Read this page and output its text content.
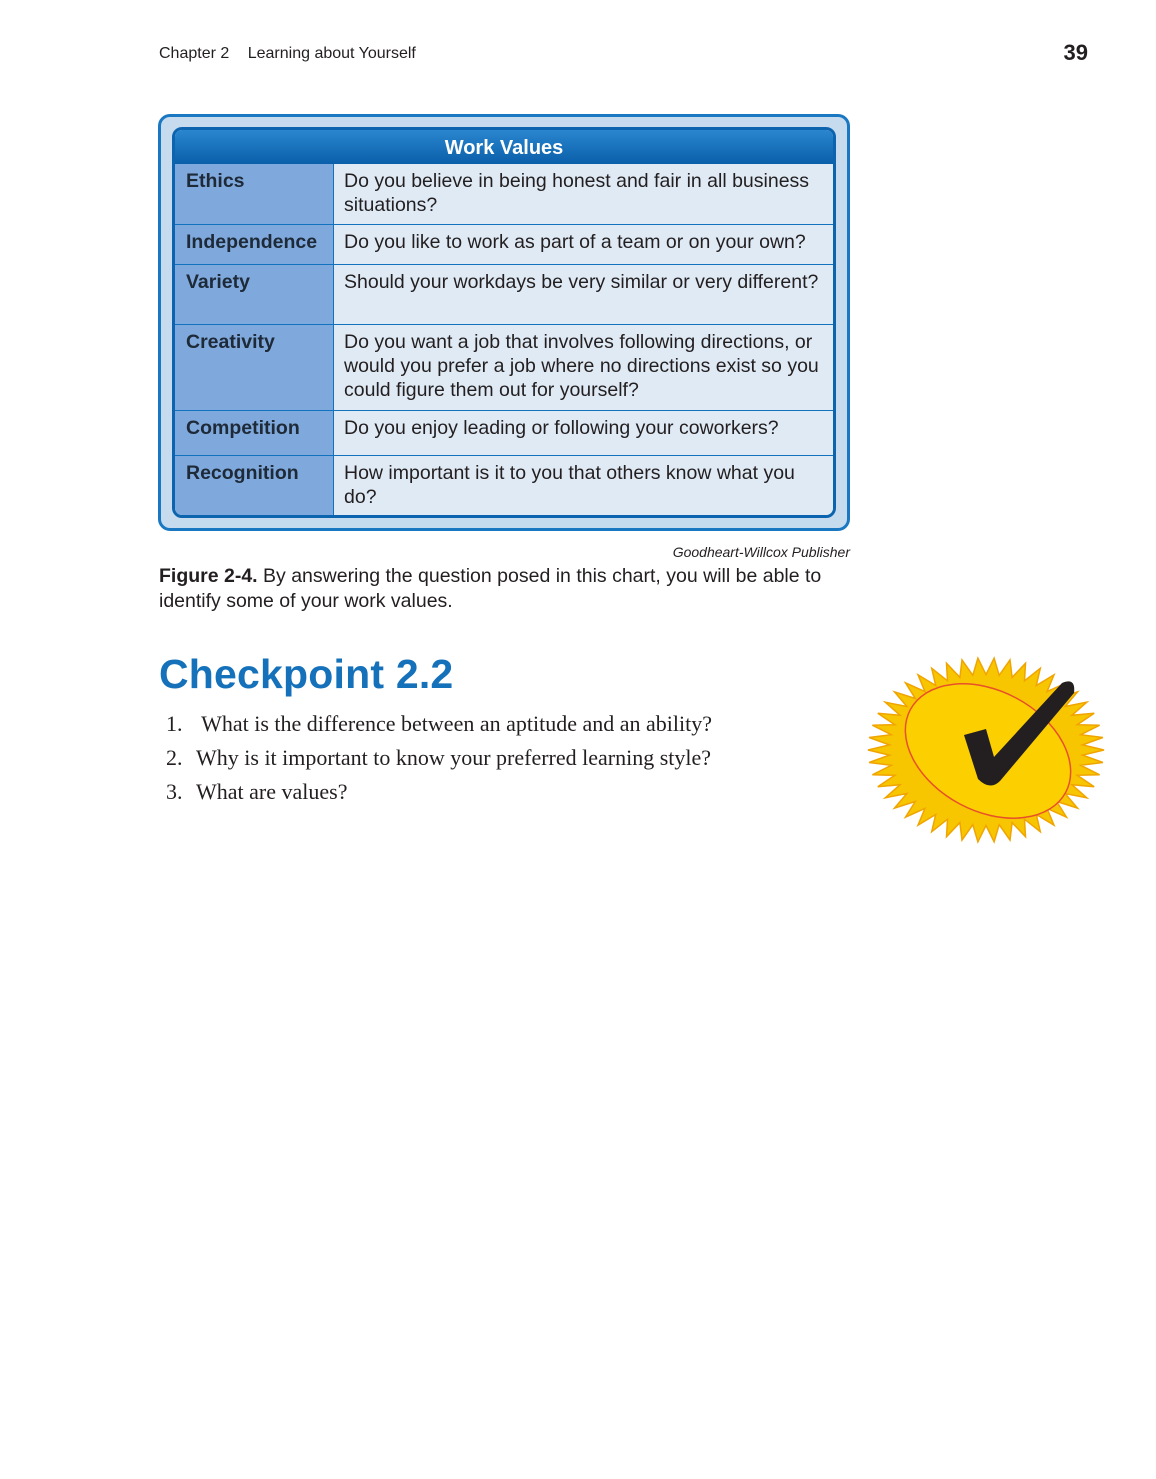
Chapter 2 Learning about Yourself	39
Work Values
Ethics	Do you believe in being honest and fair in all business situations?
Independence	Do you like to work as part of a team or on your own?
Variety	Should your workdays be very similar or very different?
Creativity	Do you want a job that involves following directions, or would you prefer a job where no directions exist so you could figure them out for yourself?
Competition	Do you enjoy leading or following your coworkers?
Recognition	How important is it to you that others know what you do?
Goodheart-Willcox Publisher
Figure 2-4. By answering the question posed in this chart, you will be able to identify some of your work values.
Checkpoint 2.2
1. What is the difference between an aptitude and an ability?
2. Why is it important to know your preferred learning style?
3. What are values?
